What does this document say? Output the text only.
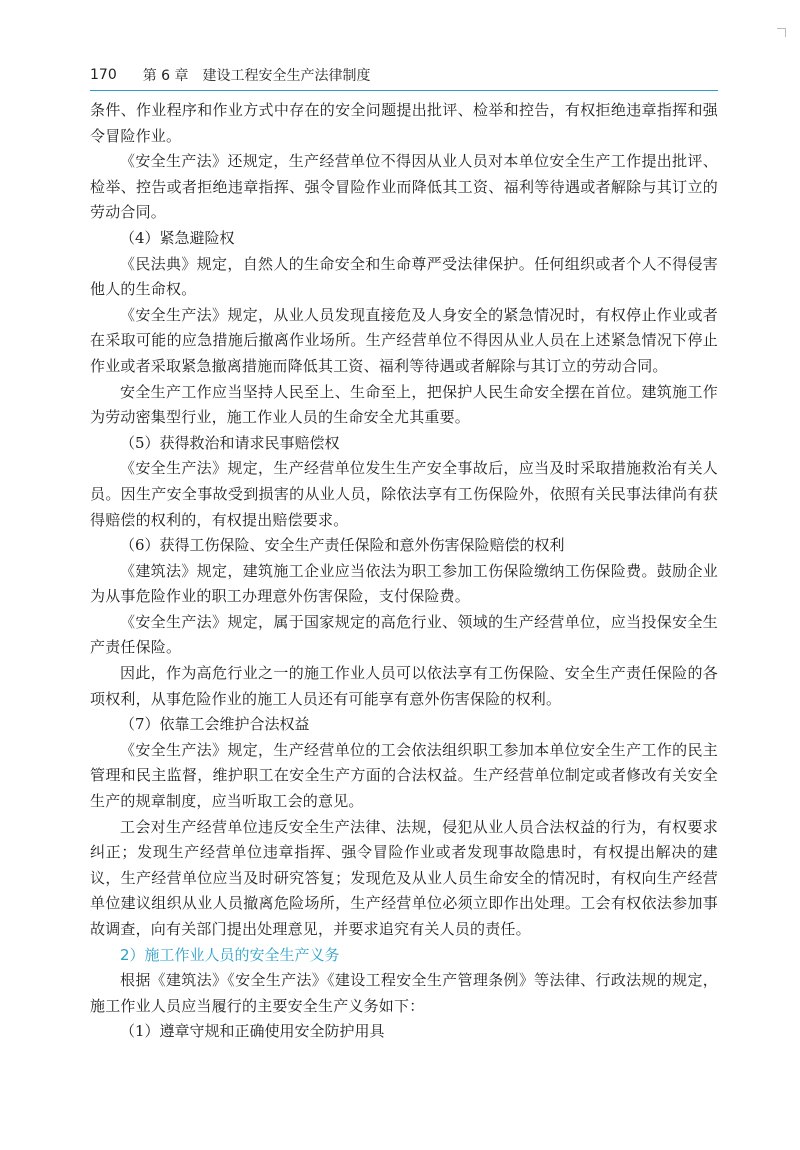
170 第 6 章 建设工程安全生产法律制度

条件、作业程序和作业方式中存在的安全问题提出批评、检举和控告，有权拒绝违章指挥和强令冒险作业。

《安全生产法》还规定，生产经营单位不得因从业人员对本单位安全生产工作提出批评、检举、控告或者拒绝违章指挥、强令冒险作业而降低其工资、福利等待遇或者解除与其订立的劳动合同。

（4）紧急避险权

《民法典》规定，自然人的生命安全和生命尊严受法律保护。任何组织或者个人不得侵害他人的生命权。

《安全生产法》规定，从业人员发现直接危及人身安全的紧急情况时，有权停止作业或者在采取可能的应急措施后撤离作业场所。生产经营单位不得因从业人员在上述紧急情况下停止作业或者采取紧急撤离措施而降低其工资、福利等待遇或者解除与其订立的劳动合同。

安全生产工作应当坚持人民至上、生命至上，把保护人民生命安全摆在首位。建筑施工作为劳动密集型行业，施工作业人员的生命安全尤其重要。

（5）获得救治和请求民事赔偿权

《安全生产法》规定，生产经营单位发生生产安全事故后，应当及时采取措施救治有关人员。因生产安全事故受到损害的从业人员，除依法享有工伤保险外，依照有关民事法律尚有获得赔偿的权利的，有权提出赔偿要求。

（6）获得工伤保险、安全生产责任保险和意外伤害保险赔偿的权利

《建筑法》规定，建筑施工企业应当依法为职工参加工伤保险缴纳工伤保险费。鼓励企业为从事危险作业的职工办理意外伤害保险，支付保险费。

《安全生产法》规定，属于国家规定的高危行业、领域的生产经营单位，应当投保安全生产责任保险。

因此，作为高危行业之一的施工作业人员可以依法享有工伤保险、安全生产责任保险的各项权利，从事危险作业的施工人员还有可能享有意外伤害保险的权利。

（7）依靠工会维护合法权益

《安全生产法》规定，生产经营单位的工会依法组织职工参加本单位安全生产工作的民主管理和民主监督，维护职工在安全生产方面的合法权益。生产经营单位制定或者修改有关安全生产的规章制度，应当听取工会的意见。

工会对生产经营单位违反安全生产法律、法规，侵犯从业人员合法权益的行为，有权要求纠正；发现生产经营单位违章指挥、强令冒险作业或者发现事故隐患时，有权提出解决的建议，生产经营单位应当及时研究答复；发现危及从业人员生命安全的情况时，有权向生产经营单位建议组织从业人员撤离危险场所，生产经营单位必须立即作出处理。工会有权依法参加事故调查，向有关部门提出处理意见，并要求追究有关人员的责任。

2）施工作业人员的安全生产义务

根据《建筑法》《安全生产法》《建设工程安全生产管理条例》等法律、行政法规的规定，施工作业人员应当履行的主要安全生产义务如下：

（1）遵章守规和正确使用安全防护用具
